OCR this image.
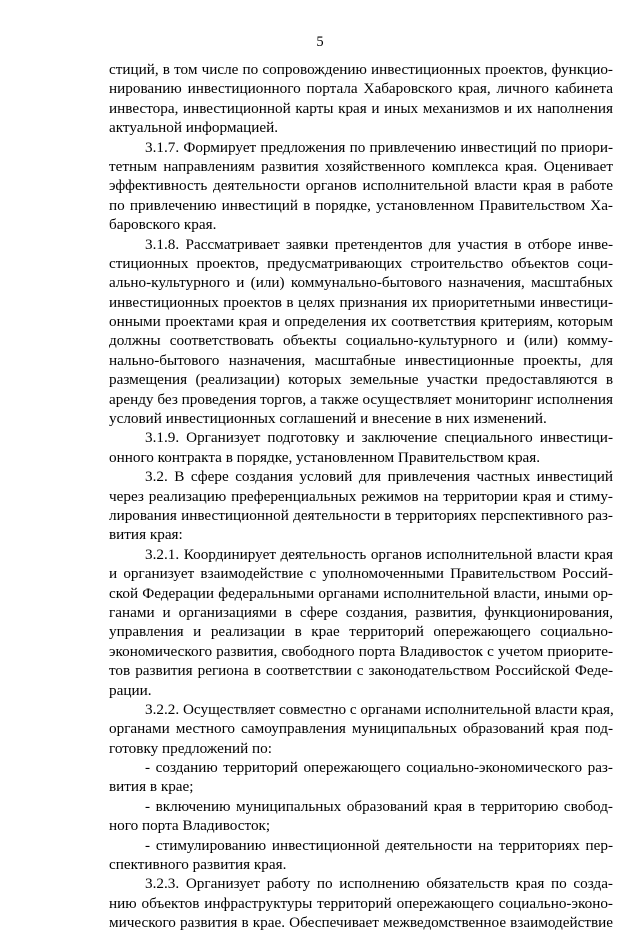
5
стиций, в том числе по сопровождению инвестиционных проектов, функцио-
нированию инвестиционного портала Хабаровского края, личного кабинета
инвестора, инвестиционной карты края и иных механизмов и их наполнения
актуальной информацией.
3.1.7. Формирует предложения по привлечению инвестиций по приори-
тетным направлениям развития хозяйственного комплекса края. Оценивает
эффективность деятельности органов исполнительной власти края в работе
по привлечению инвестиций в порядке, установленном Правительством Ха-
баровского края.
3.1.8. Рассматривает заявки претендентов для участия в отборе инве-
стиционных проектов, предусматривающих строительство объектов соци-
ально-культурного и (или) коммунально-бытового назначения, масштабных
инвестиционных проектов в целях признания их приоритетными инвестици-
онными проектами края и определения их соответствия критериям, которым
должны соответствовать объекты социально-культурного и (или) комму-
нально-бытового назначения, масштабные инвестиционные проекты, для
размещения (реализации) которых земельные участки предоставляются в
аренду без проведения торгов, а также осуществляет мониторинг исполнения
условий инвестиционных соглашений и внесение в них изменений.
3.1.9. Организует подготовку и заключение специального инвестици-
онного контракта в порядке, установленном Правительством края.
3.2. В сфере создания условий для привлечения частных инвестиций
через реализацию преференциальных режимов на территории края и стиму-
лирования инвестиционной деятельности в территориях перспективного раз-
вития края:
3.2.1. Координирует деятельность органов исполнительной власти края
и организует взаимодействие с уполномоченными Правительством Россий-
ской Федерации федеральными органами исполнительной власти, иными ор-
ганами и организациями в сфере создания, развития, функционирования,
управления и реализации в крае территорий опережающего социально-
экономического развития, свободного порта Владивосток с учетом приорите-
тов развития региона в соответствии с законодательством Российской Феде-
рации.
3.2.2. Осуществляет совместно с органами исполнительной власти края,
органами местного самоуправления муниципальных образований края под-
готовку предложений по:
- созданию территорий опережающего социально-экономического раз-
вития в крае;
- включению муниципальных образований края в территорию свобод-
ного порта Владивосток;
- стимулированию инвестиционной деятельности на территориях пер-
спективного развития края.
3.2.3. Организует работу по исполнению обязательств края по созда-
нию объектов инфраструктуры территорий опережающего социально-эконо-
мического развития в крае. Обеспечивает межведомственное взаимодействие
